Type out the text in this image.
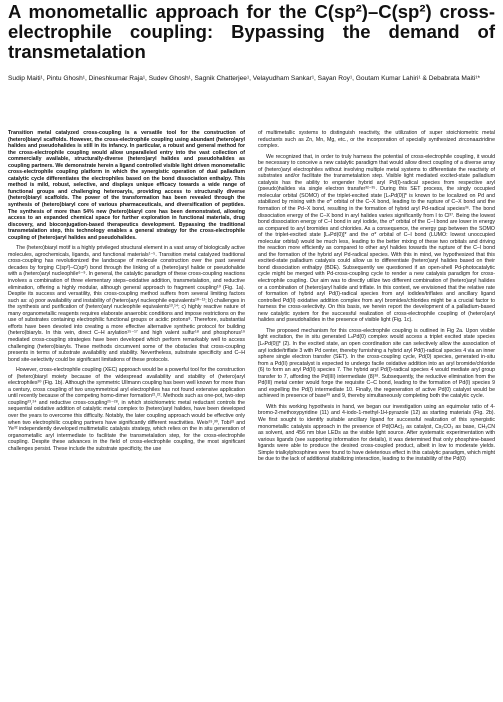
A monometallic approach for the C(sp²)–C(sp²) cross-electrophile coupling: Bypassing the demand of transmetalation
Sudip Maiti¹, Pintu Ghosh¹, Dineshkumar Raja¹, Sudev Ghosh¹, Sagnik Chatterjee¹, Velayudham Sankar¹, Sayan Roy¹, Goutam Kumar Lahiri¹ & Debabrata Maiti¹*

Transition metal catalyzed cross-coupling is a versatile tool for the construction of (hetero)biaryl scaffolds. However, the cross-electrophile coupling using abundant (hetero)aryl halides and pseudohalides is still in its infancy. In particular, a robust and general method for the cross-electrophile coupling would allow unparalleled entry into the vast collection of commercially available, structurally-diverse (hetero)aryl halides and pseudohalides as coupling partners. We demonstrate herein a ligand controlled visible light driven monometallic cross-electrophile coupling platform in which the synergistic operation of dual palladium catalytic cycle differentiates the electrophiles based on the bond dissociation enthalpy. This method is mild, robust, selective, and displays unique efficacy towards a wide range of functional groups and challenging heteroaryls, providing access to structurally diverse (hetero)biaryl scaffolds. The power of the transformation has been revealed through the synthesis of (hetero)biaryl core of various pharmaceuticals, and diversification of peptides. The synthesis of more than 54% new (hetero)biaryl core has been demonstrated, allowing access to an expanded chemical space for further exploration in functional materials, drug discovery, and bioconjugation-based therapeutics development. Bypassing the traditional transmetalation step, this technology enables a general strategy for the cross-electrophile coupling of (hetero)aryl halides and pseudohalides.

The (hetero)biaryl motif is a highly privileged structural element in a vast array of biologically active molecules, agrochemicals, ligands, and functional materials¹⁻⁵. Transition metal catalyzed traditional cross-coupling has revolutionized the landscape of molecule construction over the past several decades by forging C(sp²)–C(sp²) bond through the linking of a (hetero)aryl halide or pseudohalide with a (hetero)aryl nucleophile⁶⁻⁹. In general, the catalytic paradigm of these cross-coupling reactions involves a combination of three elementary steps–oxidative addition, transmetalation, and reductive elimination, offering a highly modular, although general approach to fragment coupling¹⁰ (Fig. 1a). Despite its success and versatility, this cross-coupling method suffers from several limiting factors such as: a) poor availability and instability of (hetero)aryl nucleophile equivalents¹⁰⁻¹²; b) challenges in the synthesis and purification of (hetero)aryl nucleophile equivalents¹³,¹⁴; c) highly reactive nature of many organometallic reagents requires elaborate anaerobic conditions and impose restrictions on the use of substrates containing electrophilic functional groups or acidic protons⁸. Therefore, substantial efforts have been devoted into creating a more effective alternative synthetic protocol for building (hetero)biaryls. In this vein, direct C–H arylation¹⁵⁻¹⁷ and high valent sulfur¹⁸ and phosphorus¹⁹ mediated cross-coupling strategies have been developed which perform remarkably well to access challenging (hetero)biaryls. These methods circumvent some of the obstacles that cross-coupling presents in terms of substrate availability and stability. Nevertheless, substrate specificity and C–H bond site-selectivity could be significant limitations of these protocols.

However, cross-electrophile coupling (XEC) approach would be a powerful tool for the construction of (hetero)biaryl moiety because of the widespread availability and stability of (hetero)aryl electrophiles²⁰ (Fig. 1b). Although the symmetric Ullmann coupling has been well known for more than a century, cross coupling of two unsymmetrical aryl electrophiles has not found extensive application until recently because of the competing homo-dimer formation²¹,²². Methods such as one-pot, two-step coupling²³,²⁴ and reductive cross-coupling²⁵⁻²⁸, in which stoichiometric metal reductant controls the sequential oxidative addition of catalytic metal complex to (hetero)aryl halides, have been developed over the years to overcome this difficulty. Notably, the later coupling approach would be effective only when two electrophilic coupling partners have significantly different reactivities. Weix²⁹,³⁰, Tobi³¹ and Ye³² independently developed multimetallic catalysis strategy, which relies on the in situ generation of organometallic aryl intermediate to facilitate the transmetalation step, for the cross-electrophile coupling. Despite these advances in the field of cross-electrophile coupling, the most significant challenges persist. These include the substrate specificity, the use

of multimetallic systems to distinguish reactivity, the utilization of super stoichiometric metal reductants such as Zn, Mn, Mg, etc., or the incorporation of specially synthesized zirconaaziridine complex.

We recognized that, in order to truly harness the potential of cross-electrophile coupling, it would be necessary to conceive a new catalytic paradigm that would allow direct coupling of a diverse array of (hetero)aryl electrophiles without involving multiple metal systems to differentiate the reactivity of substrates and/or facilitate the transmetalation step. Visible light mediated excited-state palladium catalysis has the ability to engender hybrid aryl Pd(I)-radical species from respective aryl (pseudo)halides via single electron transfer³²⁻³⁵. During this SET process, the singly occupied molecular orbital (SOMO) of the triplet-excited state [LₙPd(0)]* is known to be localized on Pd and stabilized by mixing with the σ* orbital of the C–X bond, leading to the rupture of C–X bond and the formation of the Pd–X bond, resulting in the formation of hybrid aryl Pd-radical species³⁶. The bond dissociation energy of the C–X bond in aryl halides varies significantly from I to Cl³⁷. Being the lowest bond dissociation energy of C–I bond in aryl iodide, the σ* orbital of the C–I bond are lower in energy as compared to aryl bromides and chlorides. As a consequence, the energy gap between the SOMO of the triplet-excited state [LₙPd(0)]* and the σ* orbital of C–I bond (LUMO: lowest unoccupied molecular orbital) would be much less, leading to the better mixing of these two orbitals and driving the reaction more efficiently as compared to other aryl halides towards the rupture of the C–I bond and the formation of the hybrid aryl Pd-radical species. With this in mind, we hypothesized that this excited-state palladium catalysis could allow us to differentiate (hetero)aryl halides based on their bond dissociation enthalpy (BDE). Subsequently we questioned if an open-shell Pd-photocatalytic cycle might be merged with Pd-cross-coupling cycle to render a new catalysis paradigm for cross-electrophile coupling. Our aim was to directly utilize two different combination of (hetero)aryl halides or a combination of (hetero)aryl halide and triflate. In this context, we envisioned that the relative rate of formation of hybrid aryl Pd(I)-radical species from aryl iodides/triflates and ancillary ligand controlled Pd(II) oxidative addition complex from aryl bromides/chlorides might be a crucial factor to harness the cross-selectivity. On this basis, we herein report the development of a palladium-based new catalytic system for the successful realization of cross-electrophile coupling of (hetero)aryl halides and pseudohalides in the presence of visible light (Fig. 1c).

The proposed mechanism for this cross-electrophile coupling is outlined in Fig 2a. Upon visible light excitation, the in situ generated LₙPd(0) complex would access a triplet excited state species [LₙPd(0)]* (2). In the excited state, an open coordination site can selectively allow the association of aryl iodide/triflate 3 with Pd center, thereby furnishing a hybrid aryl Pd(I)-radical species 4 via an inner sphere single electron transfer (SET). In the cross-coupling cycle, Pd(0) species, generated in-situ from a Pd(II) precatalyst is expected to undergo facile oxidative addition into an aryl bromide/chloride (6) to form an aryl Pd(II) species 7. The hybrid aryl Pd(I)-radical species 4 would mediate aryl group transfer to 7, affording the Pd(III) intermediate (8)³⁸. Subsequently, the reductive elimination from the Pd(III) metal center would forge the requisite C–C bond, leading to the formation of Pd(I) species 9 and expelling the Pd(I) intermediate 10. Finally, the regeneration of active Pd(0) catalyst would be achieved in presence of base³⁹ and 9, thereby simultaneously completing both the catalytic cycle.

With this working hypothesis in hand, we began our investigation using an equimolar ratio of 4-bromo-2-methoxypyridine (11) and 4-iodo-1-methyl-1H-pyrazole (12) as starting materials (Fig. 2b). We first sought to identify suitable ancillary ligand for successful realization of this synergistic monometallic catalysis approach in the presence of Pd(OAc)₂ as catalyst, Cs₂CO₃ as base, CH₃CN as solvent, and 456 nm blue LEDs as the visible light source. After systematic experimentation with various ligands (see supporting information for details), it was determined that only phosphine-based ligands were able to produce the desired cross-coupled product, albeit in low to moderate yields. Simple trialkylphosphines were found to have deleterious effect in this catalytic paradigm, which might be due to the lack of additional stabilizing interaction, leading to the instability of the Pd(0)
